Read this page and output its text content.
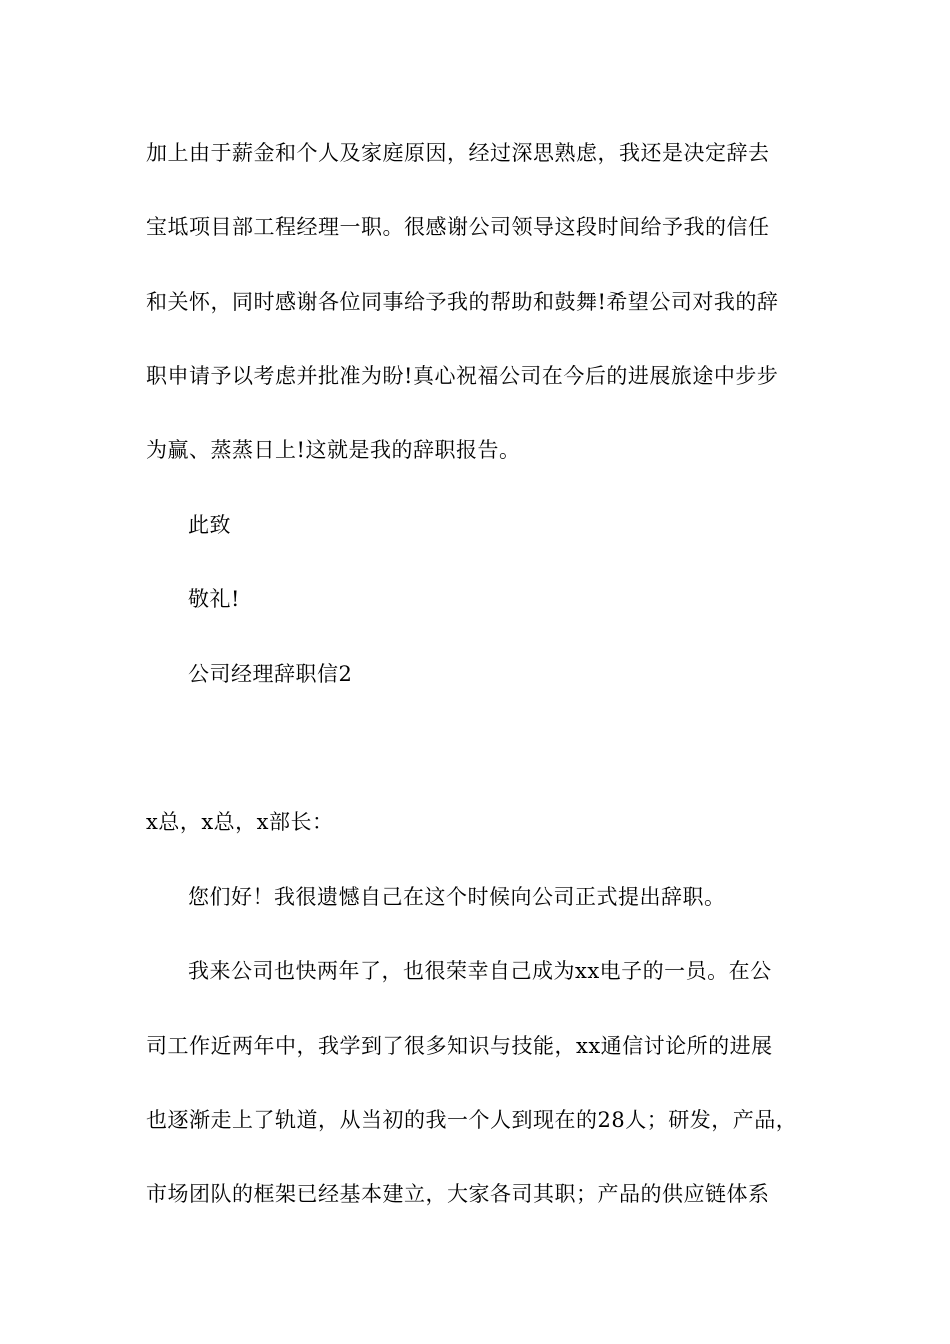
加上由于薪金和个人及家庭原因，经过深思熟虑，我还是决定辞去
宝坻项目部工程经理一职。很感谢公司领导这段时间给予我的信任
和关怀，同时感谢各位同事给予我的帮助和鼓舞!希望公司对我的辞
职申请予以考虑并批准为盼!真心祝福公司在今后的进展旅途中步步
为赢、蒸蒸日上!这就是我的辞职报告。
此致
敬礼!
公司经理辞职信2
x总，x总，x部长：
您们好！我很遗憾自己在这个时候向公司正式提出辞职。
我来公司也快两年了，也很荣幸自己成为xx电子的一员。在公
司工作近两年中，我学到了很多知识与技能，xx通信讨论所的进展
也逐渐走上了轨道，从当初的我一个人到现在的28人；研发，产品，
市场团队的框架已经基本建立，大家各司其职；产品的供应链体系
